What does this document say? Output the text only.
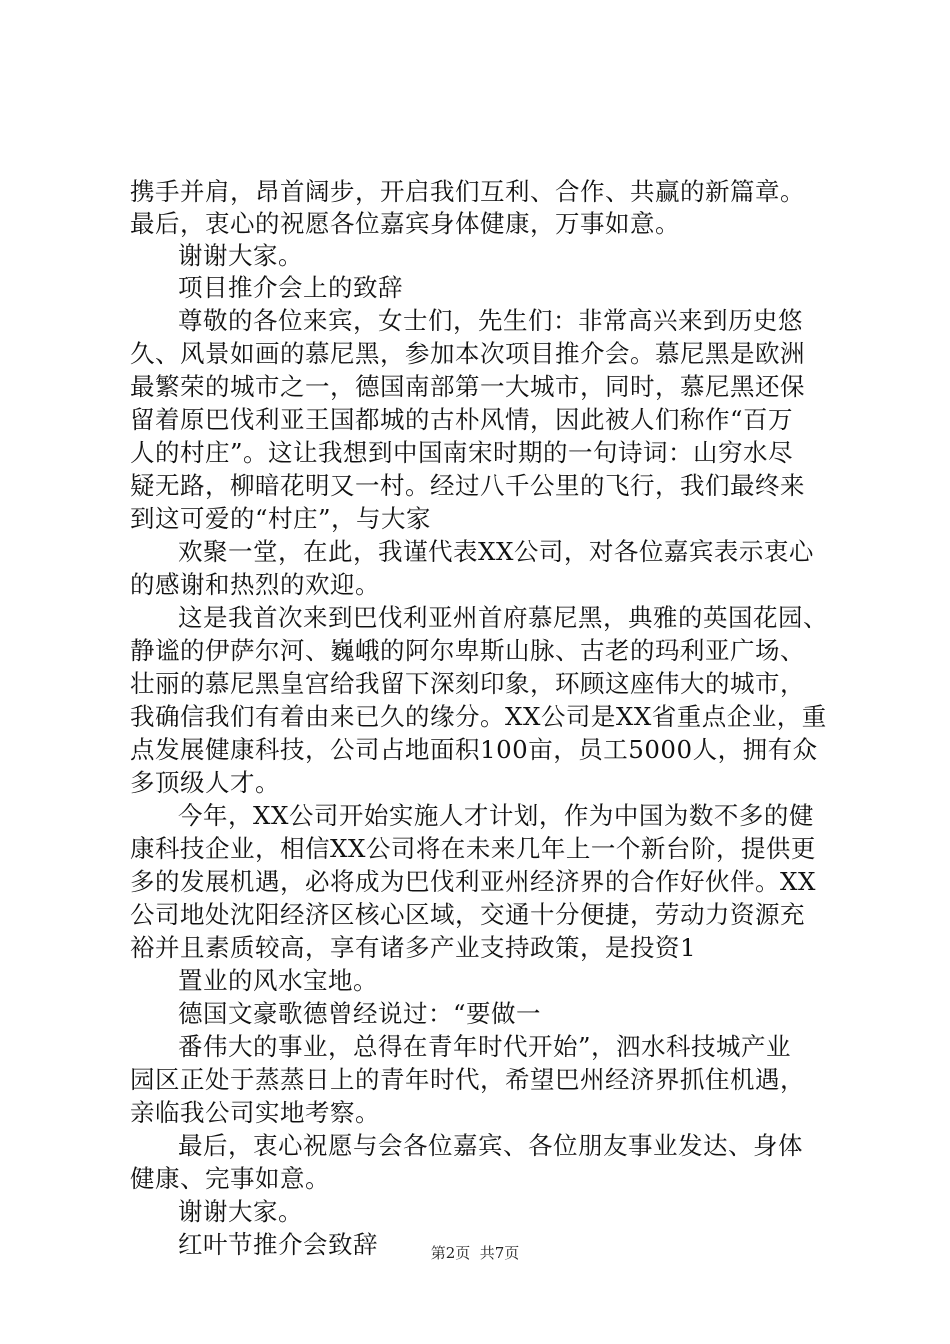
携手并肩，昂首阔步，开启我们互利、合作、共赢的新篇章。
最后，衷心的祝愿各位嘉宾身体健康，万事如意。
谢谢大家。
项目推介会上的致辞
尊敬的各位来宾，女士们，先生们：非常高兴来到历史悠
久、风景如画的慕尼黑，参加本次项目推介会。慕尼黑是欧洲
最繁荣的城市之一，德国南部第一大城市，同时，慕尼黑还保
留着原巴伐利亚王国都城的古朴风情，因此被人们称作“百万
人的村庄”。这让我想到中国南宋时期的一句诗词：山穷水尽
疑无路，柳暗花明又一村。经过八千公里的飞行，我们最终来
到这可爱的“村庄”，与大家
欢聚一堂，在此，我谨代表XX公司，对各位嘉宾表示衷心
的感谢和热烈的欢迎。
这是我首次来到巴伐利亚州首府慕尼黑，典雅的英国花园、
静谧的伊萨尔河、巍峨的阿尔卑斯山脉、古老的玛利亚广场、
壮丽的慕尼黑皇宫给我留下深刻印象，环顾这座伟大的城市，
我确信我们有着由来已久的缘分。XX公司是XX省重点企业，重
点发展健康科技，公司占地面积100亩，员工5000人，拥有众
多顶级人才。
今年，XX公司开始实施人才计划，作为中国为数不多的健
康科技企业，相信XX公司将在未来几年上一个新台阶，提供更
多的发展机遇，必将成为巴伐利亚州经济界的合作好伙伴。XX
公司地处沈阳经济区核心区域，交通十分便捷，劳动力资源充
裕并且素质较高，享有诸多产业支持政策，是投资1
置业的风水宝地。
德国文豪歌德曾经说过：“要做一
番伟大的事业，总得在青年时代开始”，泗水科技城产业
园区正处于蒸蒸日上的青年时代，希望巴州经济界抓住机遇，
亲临我公司实地考察。
最后，衷心祝愿与会各位嘉宾、各位朋友事业发达、身体
健康、完事如意。
谢谢大家。
红叶节推介会致辞	第2页  共7页
